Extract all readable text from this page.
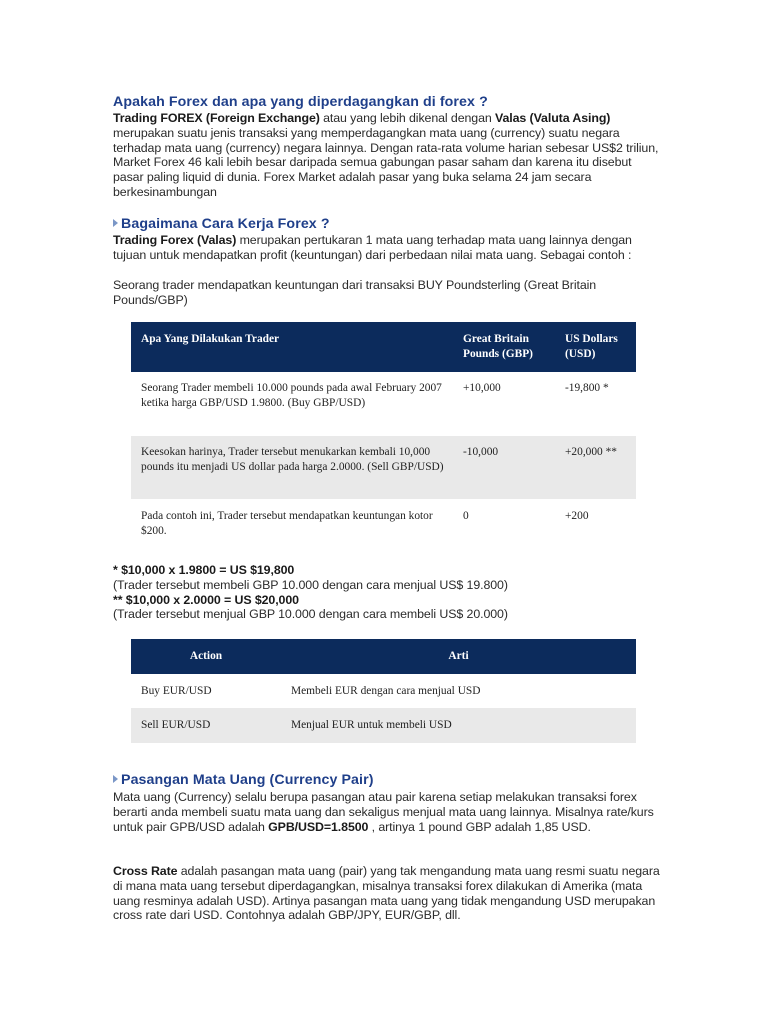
Apakah Forex dan apa yang diperdagangkan di forex ?
Trading FOREX (Foreign Exchange) atau yang lebih dikenal dengan Valas (Valuta Asing) merupakan suatu jenis transaksi yang memperdagangkan mata uang (currency) suatu negara terhadap mata uang (currency) negara lainnya. Dengan rata-rata volume harian sebesar US$2 triliun, Market Forex 46 kali lebih besar daripada semua gabungan pasar saham dan karena itu disebut pasar paling liquid di dunia. Forex Market adalah pasar yang buka selama 24 jam secara berkesinambungan
Bagaimana Cara Kerja Forex ?
Trading Forex (Valas) merupakan pertukaran 1 mata uang terhadap mata uang lainnya dengan tujuan untuk mendapatkan profit (keuntungan) dari perbedaan nilai mata uang. Sebagai contoh :
Seorang trader mendapatkan keuntungan dari transaksi BUY Poundsterling (Great Britain Pounds/GBP)
Apa Yang Dilakukan Trader	Great Britain Pounds (GBP)	US Dollars (USD)
Seorang Trader membeli 10.000 pounds pada awal February 2007 ketika harga GBP/USD 1.9800. (Buy GBP/USD)	+10,000	-19,800 *
Keesokan harinya, Trader tersebut menukarkan kembali 10,000 pounds itu menjadi US dollar pada harga 2.0000. (Sell GBP/USD)	-10,000	+20,000 **
Pada contoh ini, Trader tersebut mendapatkan keuntungan kotor $200.	0	+200
* $10,000 x 1.9800 = US $19,800
(Trader tersebut membeli GBP 10.000 dengan cara menjual US$ 19.800)
** $10,000 x 2.0000 = US $20,000
(Trader tersebut menjual GBP 10.000 dengan cara membeli US$ 20.000)
Action	Arti
Buy EUR/USD	Membeli EUR dengan cara menjual USD
Sell EUR/USD	Menjual EUR untuk membeli USD
Pasangan Mata Uang (Currency Pair)
Mata uang (Currency) selalu berupa pasangan atau pair karena setiap melakukan transaksi forex berarti anda membeli suatu mata uang dan sekaligus menjual mata uang lainnya. Misalnya rate/kurs untuk pair GPB/USD adalah GPB/USD=1.8500 , artinya 1 pound GBP adalah 1,85 USD.
Cross Rate adalah pasangan mata uang (pair) yang tak mengandung mata uang resmi suatu negara di mana mata uang tersebut diperdagangkan, misalnya transaksi forex dilakukan di Amerika (mata uang resminya adalah USD). Artinya pasangan mata uang yang tidak mengandung USD merupakan cross rate dari USD. Contohnya adalah GBP/JPY, EUR/GBP, dll.
